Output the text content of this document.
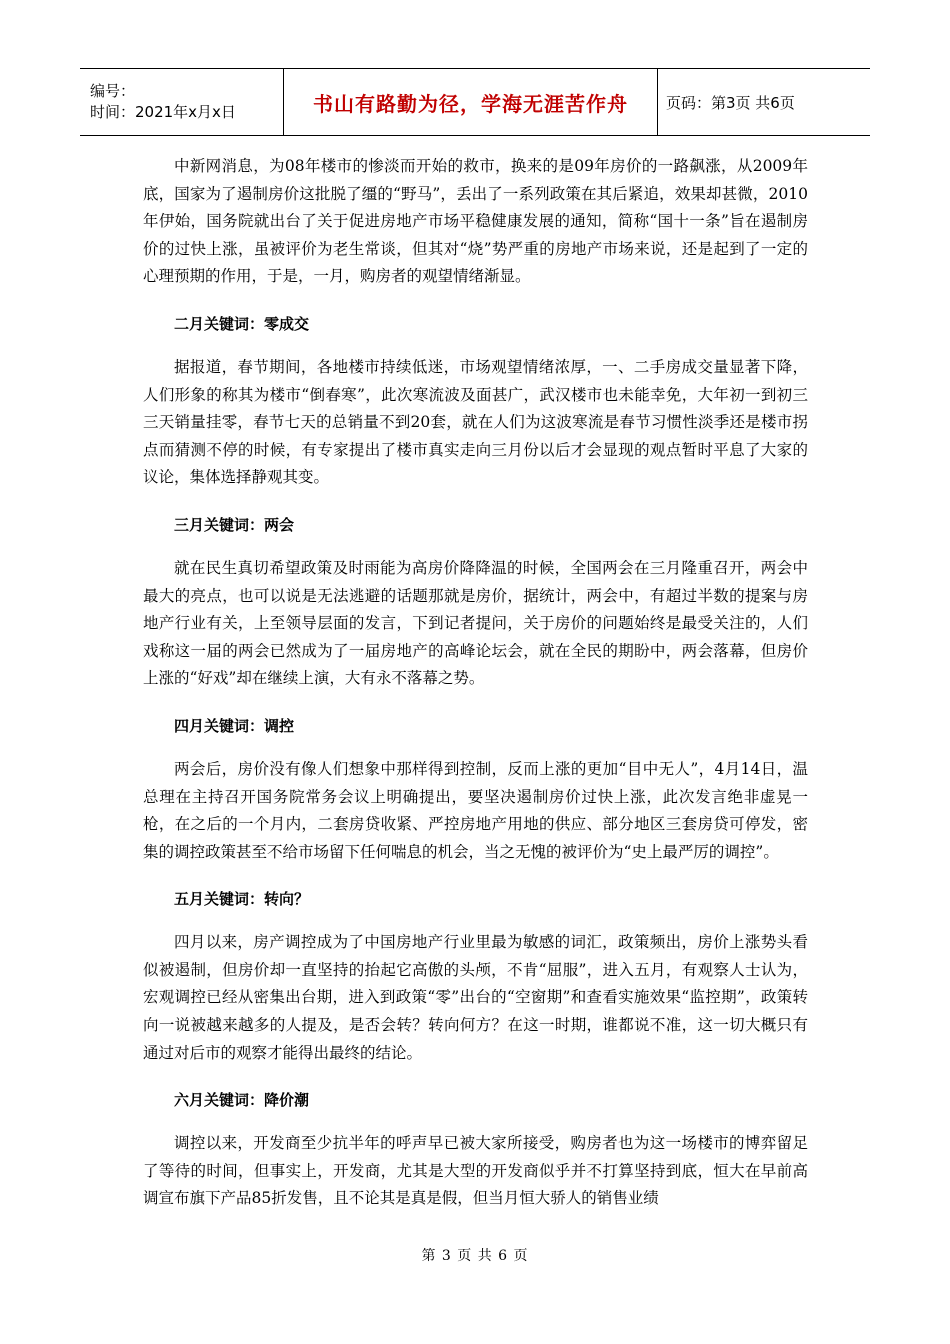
编号：
时间：2021年x月x日	书山有路勤为径，学海无涯苦作舟	页码：第3页 共6页

中新网消息，为08年楼市的惨淡而开始的救市，换来的是09年房价的一路飙涨，从2009年底，国家为了遏制房价这批脱了缰的“野马”，丢出了一系列政策在其后紧追，效果却甚微，2010年伊始，国务院就出台了关于促进房地产市场平稳健康发展的通知，简称“国十一条”旨在遏制房价的过快上涨，虽被评价为老生常谈，但其对“烧”势严重的房地产市场来说，还是起到了一定的心理预期的作用，于是，一月，购房者的观望情绪渐显。

二月关键词：零成交

据报道，春节期间，各地楼市持续低迷，市场观望情绪浓厚，一、二手房成交量显著下降，人们形象的称其为楼市“倒春寒”，此次寒流波及面甚广，武汉楼市也未能幸免，大年初一到初三三天销量挂零，春节七天的总销量不到20套，就在人们为这波寒流是春节习惯性淡季还是楼市拐点而猜测不停的时候，有专家提出了楼市真实走向三月份以后才会显现的观点暂时平息了大家的议论，集体选择静观其变。

三月关键词：两会

就在民生真切希望政策及时雨能为高房价降降温的时候，全国两会在三月隆重召开，两会中最大的亮点，也可以说是无法逃避的话题那就是房价，据统计，两会中，有超过半数的提案与房地产行业有关，上至领导层面的发言，下到记者提问，关于房价的问题始终是最受关注的，人们戏称这一届的两会已然成为了一届房地产的高峰论坛会，就在全民的期盼中，两会落幕，但房价上涨的“好戏”却在继续上演，大有永不落幕之势。

四月关键词：调控

两会后，房价没有像人们想象中那样得到控制，反而上涨的更加“目中无人”，4月14日，温总理在主持召开国务院常务会议上明确提出，要坚决遏制房价过快上涨，此次发言绝非虚晃一枪，在之后的一个月内，二套房贷收紧、严控房地产用地的供应、部分地区三套房贷可停发，密集的调控政策甚至不给市场留下任何喘息的机会，当之无愧的被评价为“史上最严厉的调控”。

五月关键词：转向？

四月以来，房产调控成为了中国房地产行业里最为敏感的词汇，政策频出，房价上涨势头看似被遏制，但房价却一直坚持的抬起它高傲的头颅，不肯“屈服”，进入五月，有观察人士认为，宏观调控已经从密集出台期，进入到政策“零”出台的“空窗期”和查看实施效果“监控期”，政策转向一说被越来越多的人提及，是否会转？转向何方？在这一时期，谁都说不准，这一切大概只有通过对后市的观察才能得出最终的结论。

六月关键词：降价潮

调控以来，开发商至少抗半年的呼声早已被大家所接受，购房者也为这一场楼市的博弈留足了等待的时间，但事实上，开发商，尤其是大型的开发商似乎并不打算坚持到底，恒大在早前高调宣布旗下产品85折发售，且不论其是真是假，但当月恒大骄人的销售业绩

第 3 页 共 6 页
